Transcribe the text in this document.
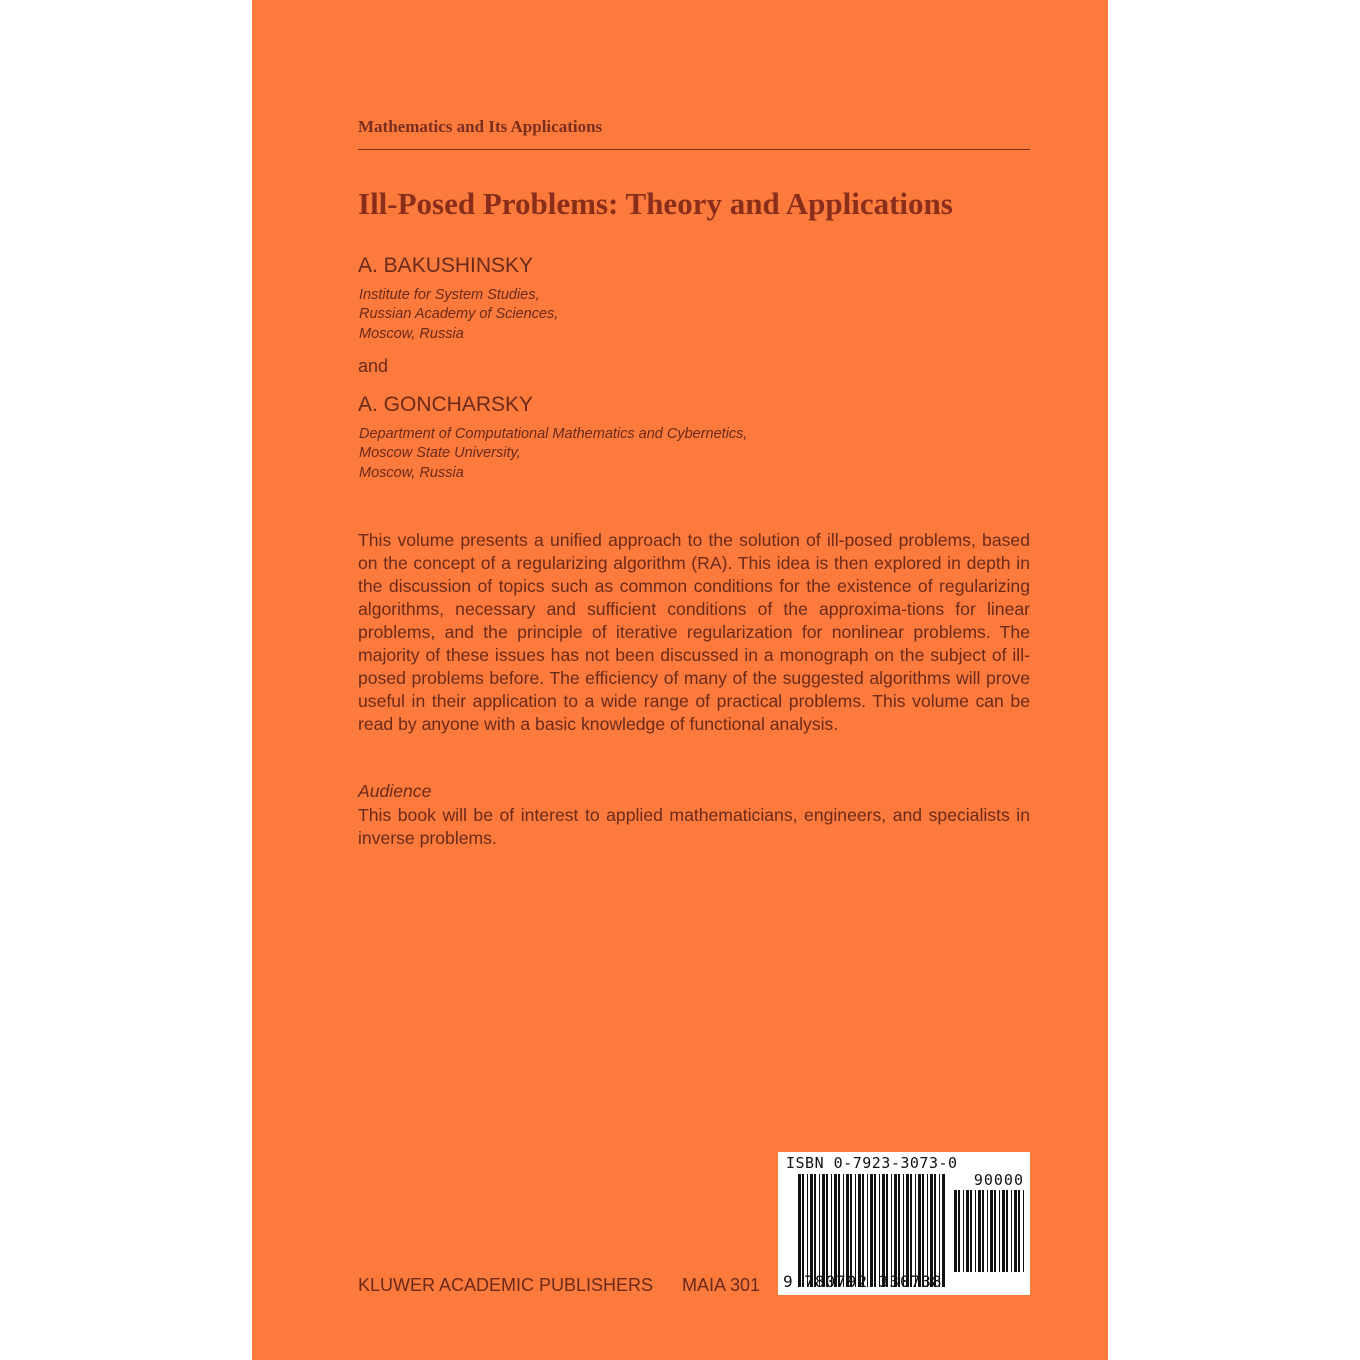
Mathematics and Its Applications
Ill-Posed Problems: Theory and Applications
A. BAKUSHINSKY
Institute for System Studies,
Russian Academy of Sciences,
Moscow, Russia
and
A. GONCHARSKY
Department of Computational Mathematics and Cybernetics,
Moscow State University,
Moscow, Russia
This volume presents a unified approach to the solution of ill-posed problems, based on the concept of a regularizing algorithm (RA). This idea is then explored in depth in the discussion of topics such as common conditions for the existence of regularizing algorithms, necessary and sufficient conditions of the approxima-tions for linear problems, and the principle of iterative regularization for nonlinear problems. The majority of these issues has not been discussed in a monograph on the subject of ill-posed problems before. The efficiency of many of the suggested algorithms will prove useful in their application to a wide range of practical problems. This volume can be read by anyone with a basic knowledge of functional analysis.
Audience
This book will be of interest to applied mathematicians, engineers, and specialists in inverse problems.
KLUWER ACADEMIC PUBLISHERS MAIA 301
ISBN 0-7923-3073-0
90000
9 780792 330738
